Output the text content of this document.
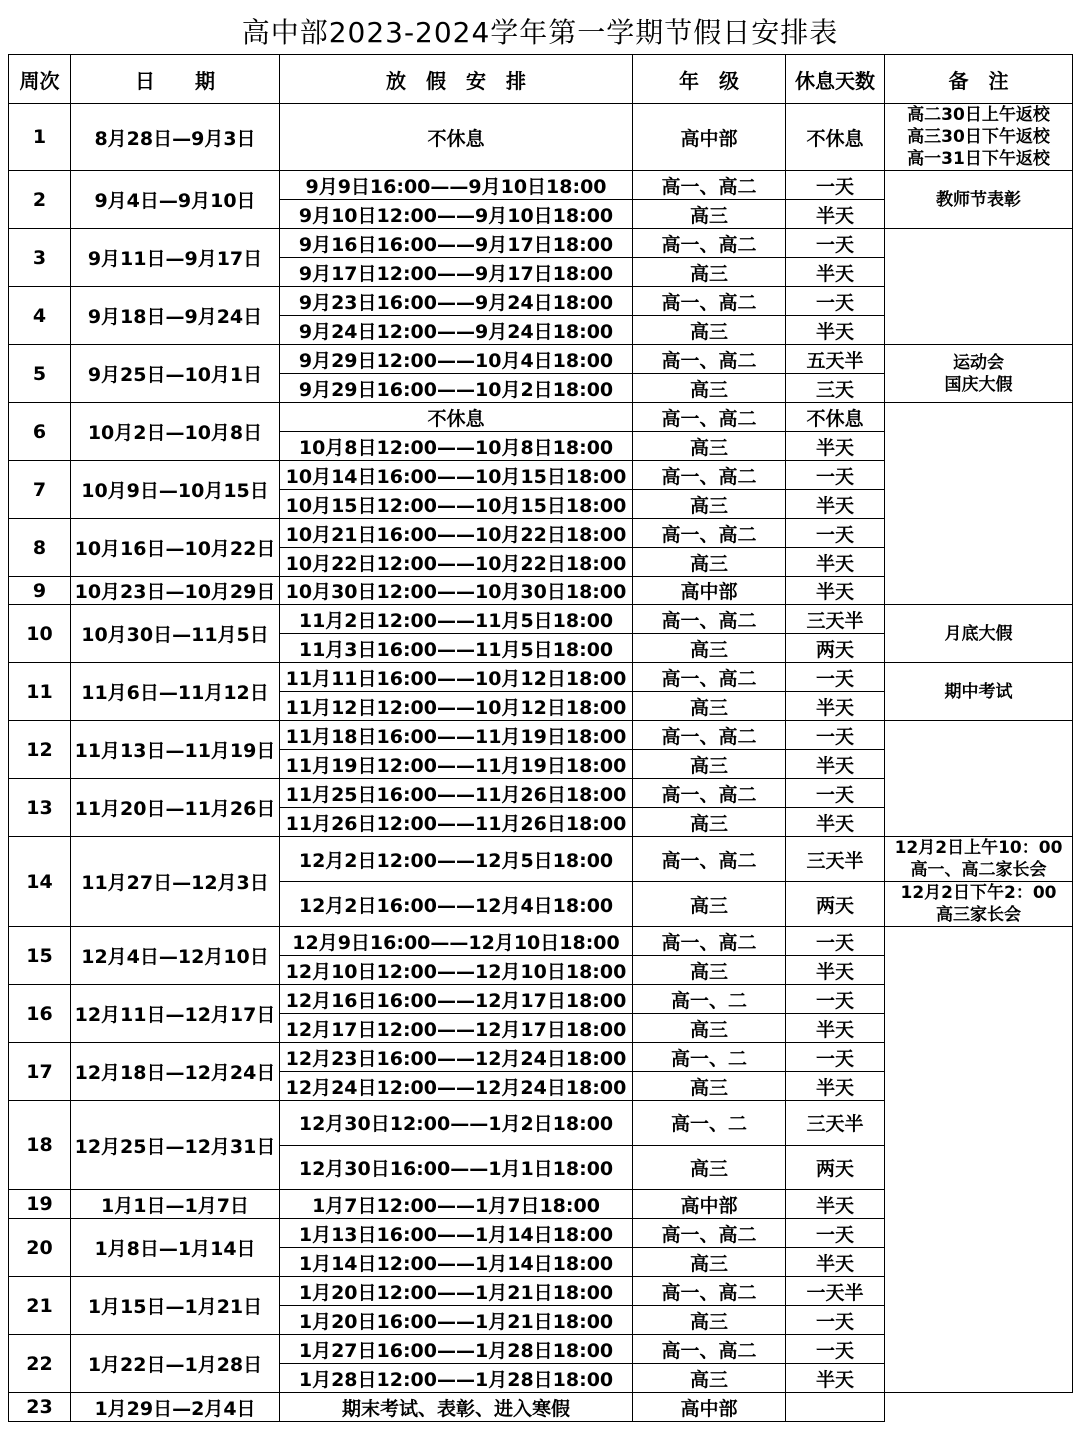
高中部2023-2024学年第一学期节假日安排表
周次	日　　期	放　假　安　排	年　级	休息天数	备　注	
1	8月28日—9月3日	不休息	高中部	不休息	高二30日上午返校
高三30日下午返校
高一31日下午返校	

2	9月4日—9月10日	9月9日16:00——9月10日18:00	高一、高二	一天	教师节表彰	

		9月10日12:00——9月10日18:00	高三	半天		
3	9月11日—9月17日	9月16日16:00——9月17日18:00	高一、高二	一天		
		9月17日12:00——9月17日18:00	高三	半天		
4	9月18日—9月24日	9月23日16:00——9月24日18:00	高一、高二	一天		
		9月24日12:00——9月24日18:00	高三	半天		
5	9月25日—10月1日	9月29日12:00——10月4日18:00	高一、高二	五天半	运动会
国庆大假	

		9月29日16:00——10月2日18:00	高三	三天		
6	10月2日—10月8日	不休息	高一、高二	不休息		
		10月8日12:00——10月8日18:00	高三	半天		
7	10月9日—10月15日	10月14日16:00——10月15日18:00	高一、高二	一天		
		10月15日12:00——10月15日18:00	高三	半天		
8	10月16日—10月22日	10月21日16:00——10月22日18:00	高一、高二	一天		
		10月22日12:00——10月22日18:00	高三	半天		
9	10月23日—10月29日	10月30日12:00——10月30日18:00	高中部	半天		
10	10月30日—11月5日	11月2日12:00——11月5日18:00	高一、高二	三天半	月底大假	

		11月3日16:00——11月5日18:00	高三	两天		
11	11月6日—11月12日	11月11日16:00——10月12日18:00	高一、高二	一天	期中考试	

		11月12日12:00——10月12日18:00	高三	半天		
12	11月13日—11月19日	11月18日16:00——11月19日18:00	高一、高二	一天		
		11月19日12:00——11月19日18:00	高三	半天		
13	11月20日—11月26日	11月25日16:00——11月26日18:00	高一、高二	一天		
		11月26日12:00——11月26日18:00	高三	半天		
14	11月27日—12月3日	12月2日12:00——12月5日18:00	高一、高二	三天半	12月2日上午10：00
高一、高二家长会	

		12月2日16:00——12月4日18:00	高三	两天	12月2日下午2：00
高三家长会	

15	12月4日—12月10日	12月9日16:00——12月10日18:00	高一、高二	一天		
		12月10日12:00——12月10日18:00	高三	半天		
16	12月11日—12月17日	12月16日16:00——12月17日18:00	高一、二	一天		
		12月17日12:00——12月17日18:00	高三	半天		
17	12月18日—12月24日	12月23日16:00——12月24日18:00	高一、二	一天		
		12月24日12:00——12月24日18:00	高三	半天		
18	12月25日—12月31日	12月30日12:00——1月2日18:00	高一、二	三天半	

		12月30日16:00——1月1日18:00	高三	两天		
19	1月1日—1月7日	1月7日12:00——1月7日18:00	高中部	半天		
20	1月8日—1月14日	1月13日16:00——1月14日18:00	高一、高二	一天		
		1月14日12:00——1月14日18:00	高三	半天		
21	1月15日—1月21日	1月20日12:00——1月21日18:00	高一、高二	一天半		
		1月20日16:00——1月21日18:00	高三	一天		
22	1月22日—1月28日	1月27日16:00——1月28日18:00	高一、高二	一天		
		1月28日12:00——1月28日18:00	高三	半天		
23	1月29日—2月4日	期末考试、表彰、进入寒假	高中部			
